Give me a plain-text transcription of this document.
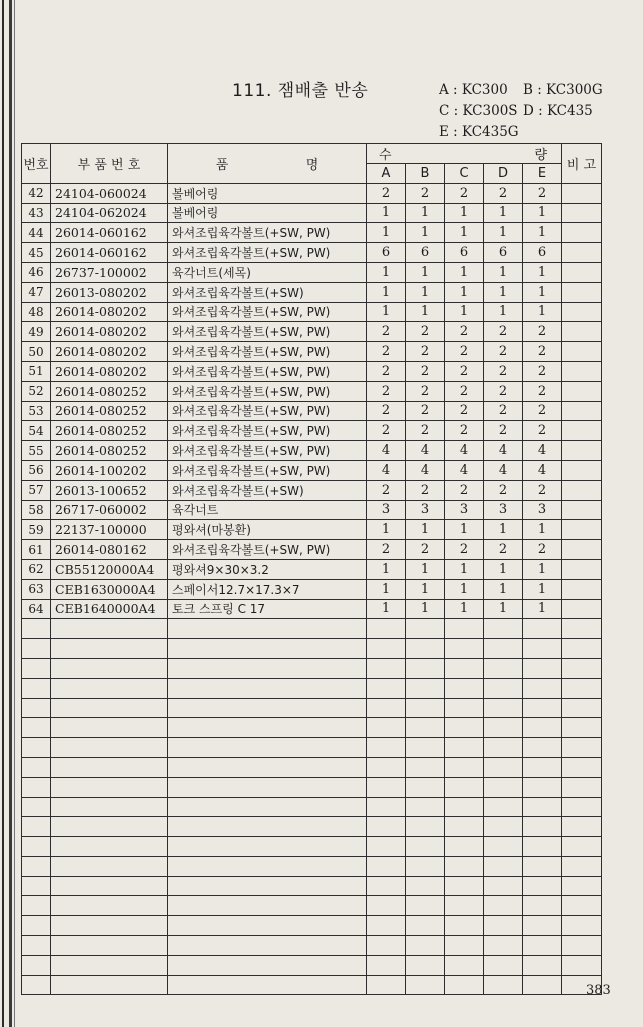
111. 잼배출 반송	A : KC300 B : KC300G
C : KC300S D : KC435
E : KC435G
번호	부 품 번 호	품 명	수 량					비 고
			A	B	C	D	E	
42	24104-060024	볼베어링	2	2	2	2	2	
43	24104-062024	볼베어링	1	1	1	1	1	
44	26014-060162	와셔조립육각볼트(+SW, PW)	1	1	1	1	1	
45	26014-060162	와셔조립육각볼트(+SW, PW)	6	6	6	6	6	
46	26737-100002	육각너트(세목)	1	1	1	1	1	
47	26013-080202	와셔조립육각볼트(+SW)	1	1	1	1	1	
48	26014-080202	와셔조립육각볼트(+SW, PW)	1	1	1	1	1	
49	26014-080202	와셔조립육각볼트(+SW, PW)	2	2	2	2	2	
50	26014-080202	와셔조립육각볼트(+SW, PW)	2	2	2	2	2	
51	26014-080202	와셔조립육각볼트(+SW, PW)	2	2	2	2	2	
52	26014-080252	와셔조립육각볼트(+SW, PW)	2	2	2	2	2	
53	26014-080252	와셔조립육각볼트(+SW, PW)	2	2	2	2	2	
54	26014-080252	와셔조립육각볼트(+SW, PW)	2	2	2	2	2	
55	26014-080252	와셔조립육각볼트(+SW, PW)	4	4	4	4	4	
56	26014-100202	와셔조립육각볼트(+SW, PW)	4	4	4	4	4	
57	26013-100652	와셔조립육각볼트(+SW)	2	2	2	2	2	
58	26717-060002	육각너트	3	3	3	3	3	
59	22137-100000	평와셔(마봉환)	1	1	1	1	1	
61	26014-080162	와셔조립육각볼트(+SW, PW)	2	2	2	2	2	
62	CB55120000A4	평와셔9×30×3.2	1	1	1	1	1	
63	CEB1630000A4	스페이서12.7×17.3×7	1	1	1	1	1	
64	CEB1640000A4	토크 스프링 C 17	1	1	1	1	1	

383
